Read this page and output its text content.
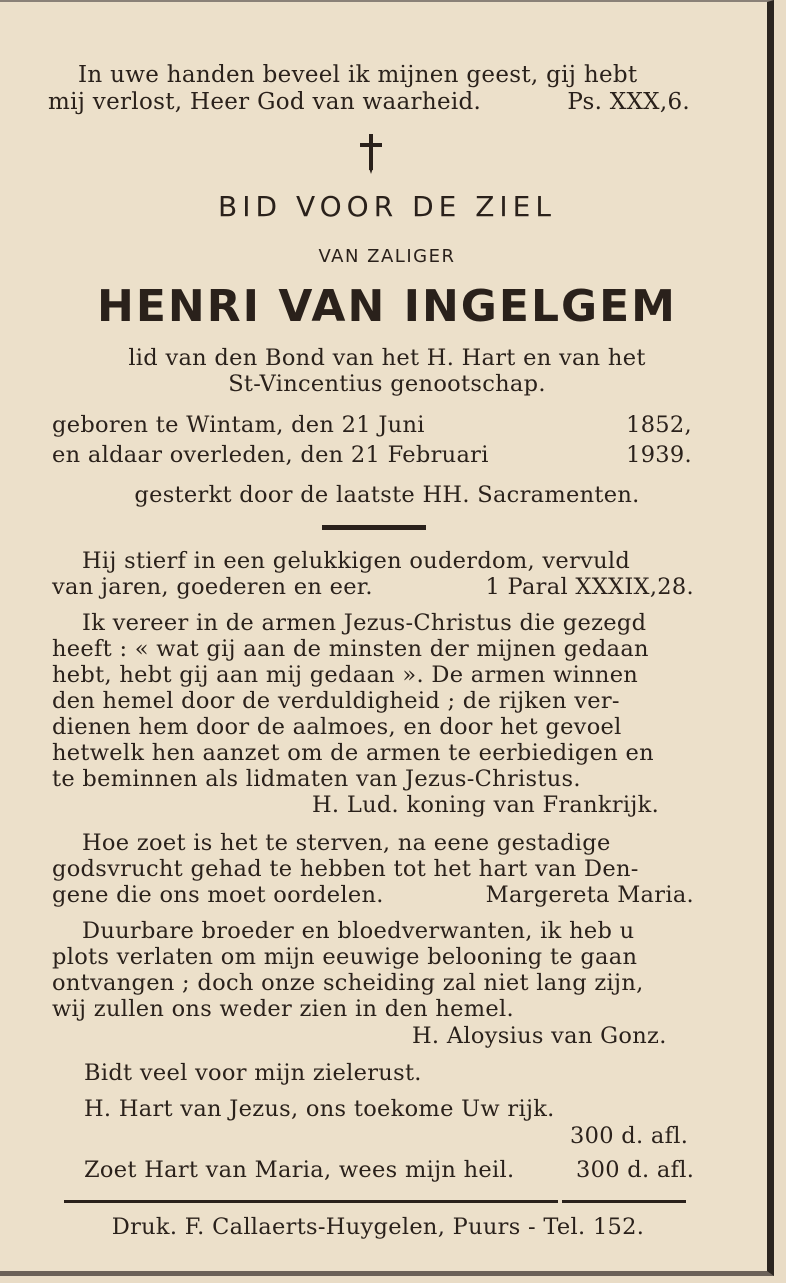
In uwe handen beveel ik mijnen geest, gij hebt
mij verlost, Heer God van waarheid.	Ps. XXX,6.
BID VOOR DE ZIEL
VAN ZALIGER
HENRI VAN INGELGEM
lid van den Bond van het H. Hart en van het
St-Vincentius genootschap.
geboren te Wintam, den 21 Juni	1852,
en aldaar overleden, den 21 Februari	1939.
gesterkt door de laatste HH. Sacramenten.
Hij stierf in een gelukkigen ouderdom, vervuld
van jaren, goederen en eer.	1 Paral XXXIX,28.
Ik vereer in de armen Jezus-Christus die gezegd
heeft : « wat gij aan de minsten der mijnen gedaan
hebt, hebt gij aan mij gedaan ». De armen winnen
den hemel door de verduldigheid ; de rijken ver-
dienen hem door de aalmoes, en door het gevoel
hetwelk hen aanzet om de armen te eerbiedigen en
te beminnen als lidmaten van Jezus-Christus.
H. Lud. koning van Frankrijk.
Hoe zoet is het te sterven, na eene gestadige
godsvrucht gehad te hebben tot het hart van Den-
gene die ons moet oordelen.	Margereta Maria.
Duurbare broeder en bloedverwanten, ik heb u
plots verlaten om mijn eeuwige belooning te gaan
ontvangen ; doch onze scheiding zal niet lang zijn,
wij zullen ons weder zien in den hemel.
H. Aloysius van Gonz.
Bidt veel voor mijn zielerust.
H. Hart van Jezus, ons toekome Uw rijk.
300 d. afl.
Zoet Hart van Maria, wees mijn heil.	300 d. afl.
Druk. F. Callaerts-Huygelen, Puurs - Tel. 152.
